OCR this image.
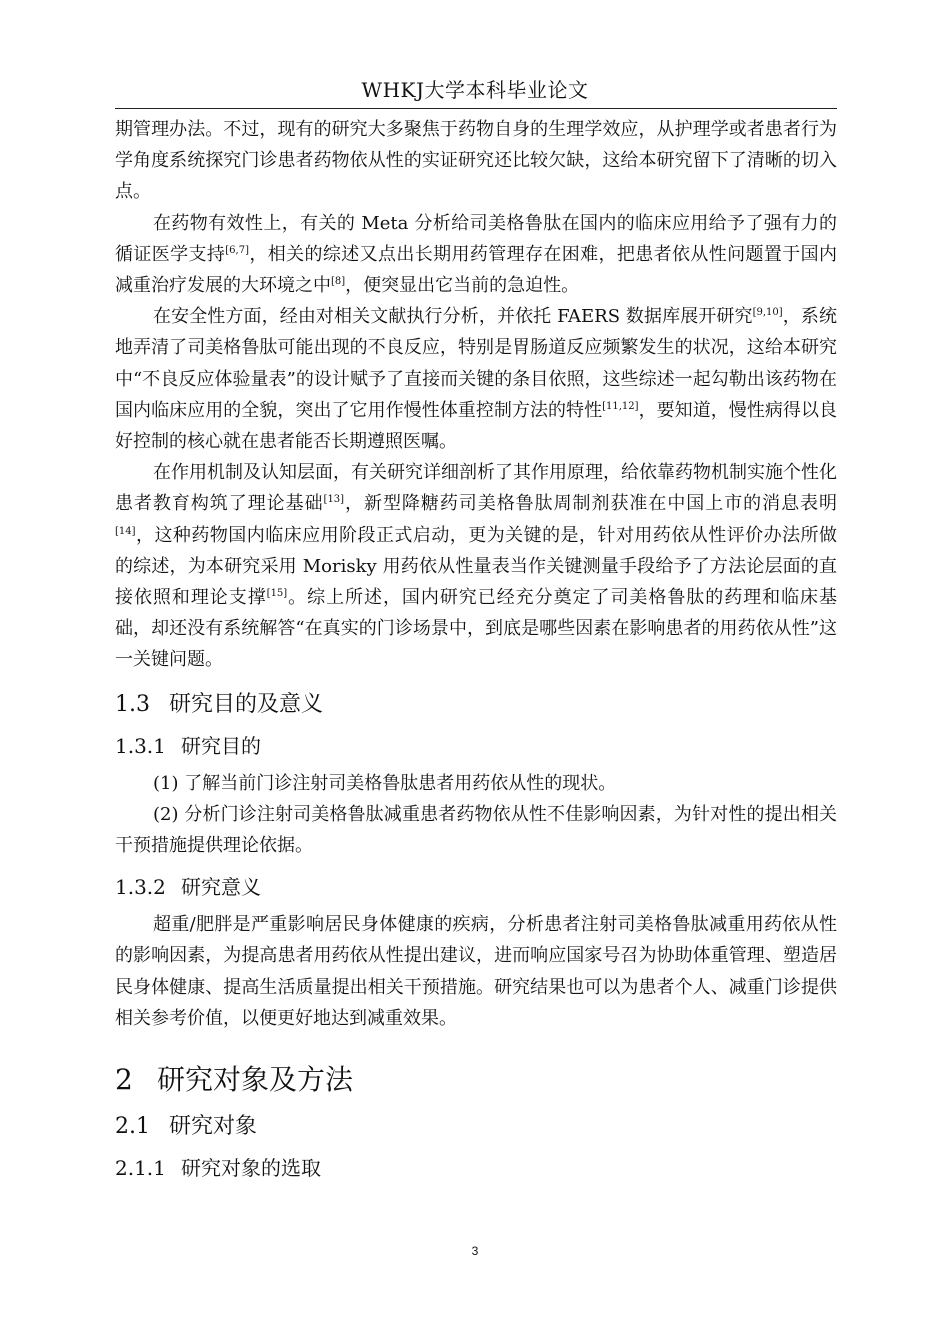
WHKJ大学本科毕业论文

期管理办法。不过，现有的研究大多聚焦于药物自身的生理学效应，从护理学或者患者行为学角度系统探究门诊患者药物依从性的实证研究还比较欠缺，这给本研究留下了清晰的切入点。

在药物有效性上，有关的 Meta 分析给司美格鲁肽在国内的临床应用给予了强有力的循证医学支持[6,7]，相关的综述又点出长期用药管理存在困难，把患者依从性问题置于国内减重治疗发展的大环境之中[8]，便突显出它当前的急迫性。

在安全性方面，经由对相关文献执行分析，并依托 FAERS 数据库展开研究[9,10]，系统地弄清了司美格鲁肽可能出现的不良反应，特别是胃肠道反应频繁发生的状况，这给本研究中“不良反应体验量表”的设计赋予了直接而关键的条目依照，这些综述一起勾勒出该药物在国内临床应用的全貌，突出了它用作慢性体重控制方法的特性[11,12]，要知道，慢性病得以良好控制的核心就在患者能否长期遵照医嘱。

在作用机制及认知层面，有关研究详细剖析了其作用原理，给依靠药物机制实施个性化患者教育构筑了理论基础[13]，新型降糖药司美格鲁肽周制剂获准在中国上市的消息表明[14]，这种药物国内临床应用阶段正式启动，更为关键的是，针对用药依从性评价办法所做的综述，为本研究采用 Morisky 用药依从性量表当作关键测量手段给予了方法论层面的直接依照和理论支撑[15]。综上所述，国内研究已经充分奠定了司美格鲁肽的药理和临床基础，却还没有系统解答“在真实的门诊场景中，到底是哪些因素在影响患者的用药依从性”这一关键问题。

1.3 研究目的及意义
1.3.1 研究目的

(1) 了解当前门诊注射司美格鲁肽患者用药依从性的现状。

(2) 分析门诊注射司美格鲁肽减重患者药物依从性不佳影响因素，为针对性的提出相关干预措施提供理论依据。

1.3.2 研究意义

超重/肥胖是严重影响居民身体健康的疾病，分析患者注射司美格鲁肽减重用药依从性的影响因素，为提高患者用药依从性提出建议，进而响应国家号召为协助体重管理、塑造居民身体健康、提高生活质量提出相关干预措施。研究结果也可以为患者个人、减重门诊提供相关参考价值，以便更好地达到减重效果。

2 研究对象及方法
2.1 研究对象
2.1.1 研究对象的选取
3
